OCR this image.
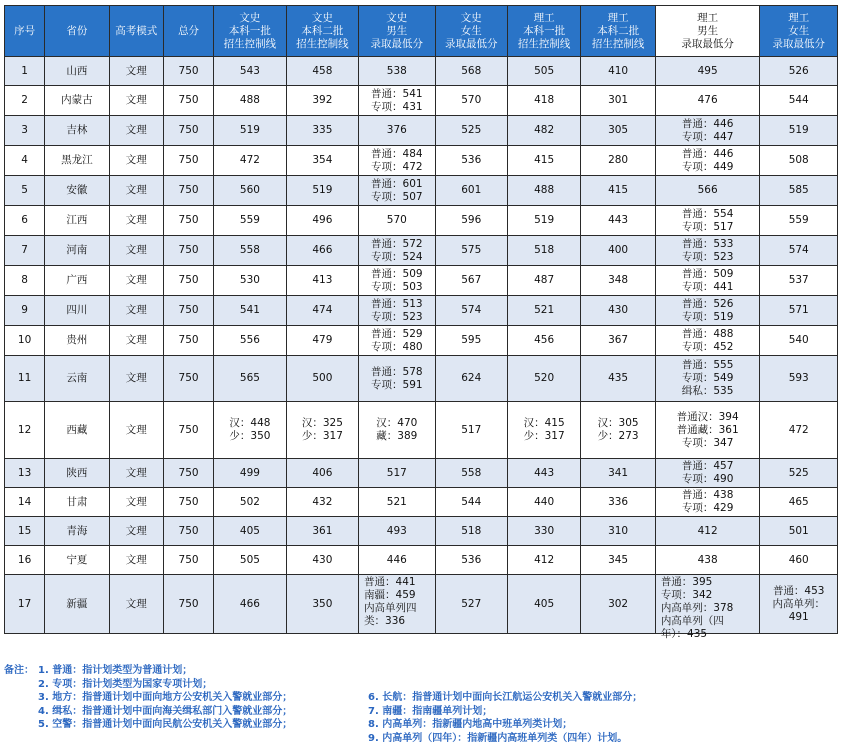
序号	省份	高考模式	总分	文史
本科一批
招生控制线	文史
本科二批
招生控制线	文史
男生
录取最低分	文史
女生
录取最低分	理工
本科一批
招生控制线	理工
本科二批
招生控制线	理工
男生
录取最低分	理工
女生
录取最低分

1	山西	文理	750	543	458	538	568	505	410	495	526

2	内蒙古	文理	750	488	392	普通：541
专项：431	570	418	301	476	544

3	吉林	文理	750	519	335	376	525	482	305	普通：446
专项：447	519

4	黑龙江	文理	750	472	354	普通：484
专项：472	536	415	280	普通：446
专项：449	508

5	安徽	文理	750	560	519	普通：601
专项：507	601	488	415	566	585

6	江西	文理	750	559	496	570	596	519	443	普通：554
专项：517	559

7	河南	文理	750	558	466	普通：572
专项：524	575	518	400	普通：533
专项：523	574

8	广西	文理	750	530	413	普通：509
专项：503	567	487	348	普通：509
专项：441	537

9	四川	文理	750	541	474	普通：513
专项：523	574	521	430	普通：526
专项：519	571

10	贵州	文理	750	556	479	普通：529
专项：480	595	456	367	普通：488
专项：452	540

11	云南	文理	750	565	500	普通：578
专项：591	624	520	435	普通：555
专项：549
缉私：535	593

12	西藏	文理	750	汉：448
少：350	汉：325
少：317	汉：470
藏：389	517	汉：415
少：317	汉：305
少：273	普通汉：394
普通藏：361
专项：347	472

13	陕西	文理	750	499	406	517	558	443	341	普通：457
专项：490	525

14	甘肃	文理	750	502	432	521	544	440	336	普通：438
专项：429	465

15	青海	文理	750	405	361	493	518	330	310	412	501

16	宁夏	文理	750	505	430	446	536	412	345	438	460

17	新疆	文理	750	466	350	普通：441
南疆：459
内高单列四
类：336	527	405	302	普通：395
专项：342
内高单列：378
内高单列（四
年）：435	普通：453
内高单列：
491
备注： 1. 普通：指计划类型为普通计划；
2. 专项：指计划类型为国家专项计划；
3. 地方：指普通计划中面向地方公安机关入警就业部分；	6. 长航：指普通计划中面向长江航运公安机关入警就业部分；
4. 缉私：指普通计划中面向海关缉私部门入警就业部分；	7. 南疆：指南疆单列计划；
5. 空警：指普通计划中面向民航公安机关入警就业部分；	8. 内高单列：指新疆内地高中班单列类计划；
9. 内高单列（四年）：指新疆内高班单列类（四年）计划。
